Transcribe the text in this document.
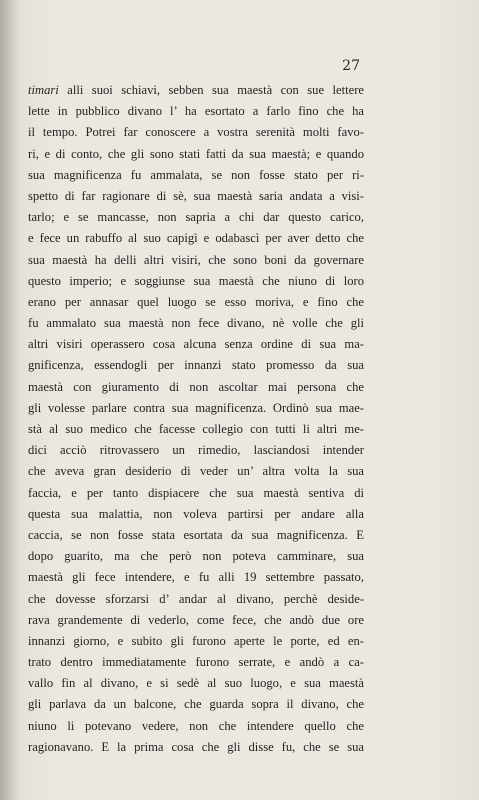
27
timari alli suoi schiavi, sebben sua maestà con sue lettere
lette in pubblico divano l’ ha esortato a farlo fino che ha
il tempo. Potrei far conoscere a vostra serenità molti favo-
ri, e di conto, che gli sono stati fatti da sua maestà; e quando
sua magnificenza fu ammalata, se non fosse stato per ri-
spetto di far ragionare di sè, sua maestà saria andata a visi-
tarlo; e se mancasse, non sapria a chi dar questo carico,
e fece un rabuffo al suo capigì e odabascì per aver detto che
sua maestà ha delli altri visiri, che sono boni da governare
questo imperio; e soggiunse sua maestà che niuno di loro
erano per annasar quel luogo se esso moriva, e fino che
fu ammalato sua maestà non fece divano, nè volle che gli
altri visiri operassero cosa alcuna senza ordine di sua ma-
gnificenza, essendogli per innanzi stato promesso da sua
maestà con giuramento di non ascoltar mai persona che
gli volesse parlare contra sua magnificenza. Ordinò sua mae-
stà al suo medico che facesse collegio con tutti li altri me-
dici acciò ritrovassero un rimedio, lasciandosi intender
che aveva gran desiderio di veder un’ altra volta la sua
faccia, e per tanto dispiacere che sua maestà sentiva di
questa sua malattia, non voleva partirsi per andare alla
caccia, se non fosse stata esortata da sua magnificenza. E
dopo guarito, ma che però non poteva camminare, sua
maestà gli fece intendere, e fu alli 19 settembre passato,
che dovesse sforzarsi d’ andar al divano, perchè deside-
rava grandemente di vederlo, come fece, che andò due ore
innanzi giorno, e subito gli furono aperte le porte, ed en-
trato dentro immediatamente furono serrate, e andò a ca-
vallo fin al divano, e si sedè al suo luogo, e sua maestà
gli parlava da un balcone, che guarda sopra il divano, che
niuno li potevano vedere, non che intendere quello che
ragionavano. E la prima cosa che gli disse fu, che se sua
